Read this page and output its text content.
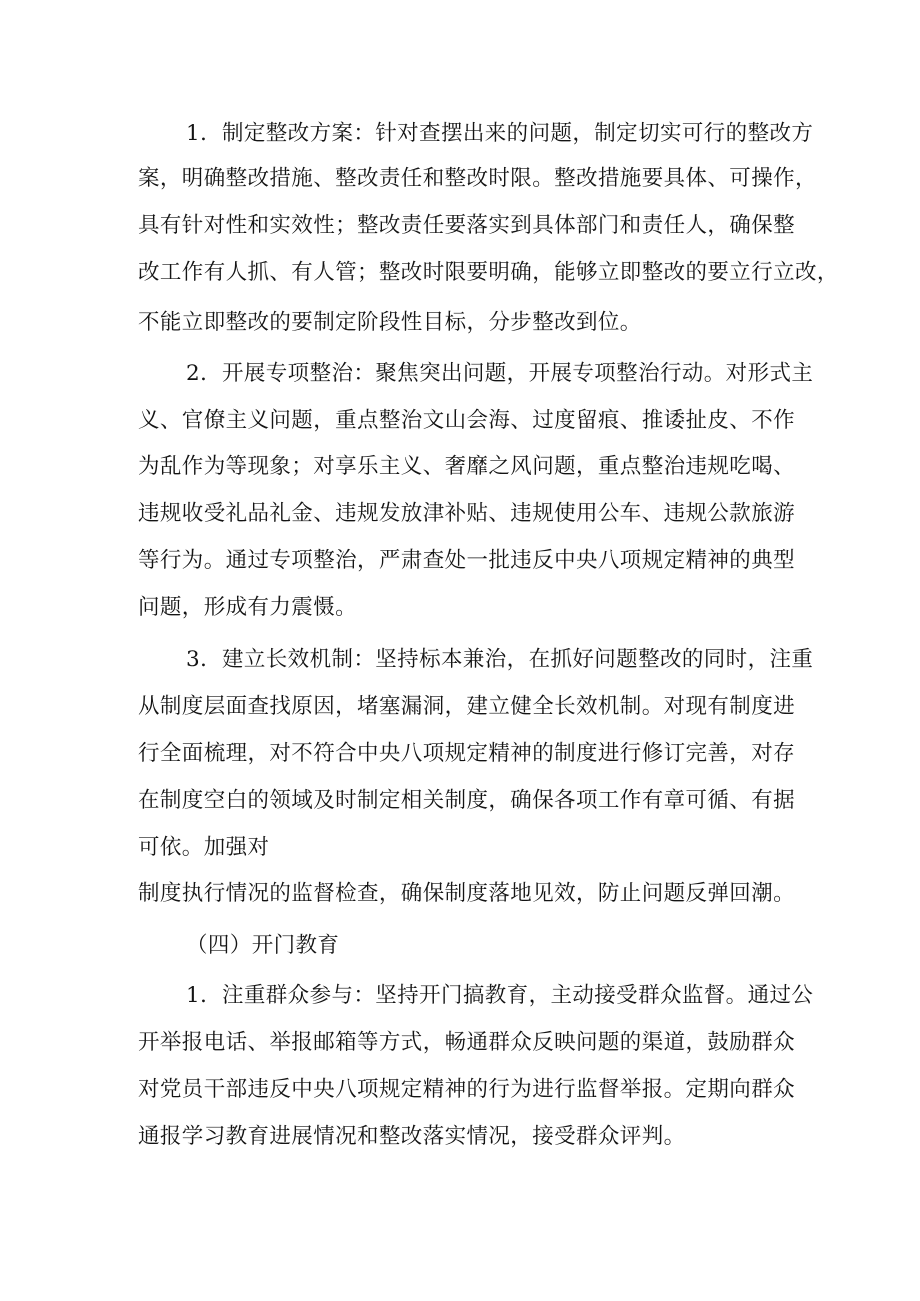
1．制定整改方案：针对查摆出来的问题，制定切实可行的整改方
案，明确整改措施、整改责任和整改时限。整改措施要具体、可操作，
具有针对性和实效性；整改责任要落实到具体部门和责任人，确保整
改工作有人抓、有人管；整改时限要明确，能够立即整改的要立行立改，
不能立即整改的要制定阶段性目标，分步整改到位。
2．开展专项整治：聚焦突出问题，开展专项整治行动。对形式主
义、官僚主义问题，重点整治文山会海、过度留痕、推诿扯皮、不作
为乱作为等现象；对享乐主义、奢靡之风问题，重点整治违规吃喝、
违规收受礼品礼金、违规发放津补贴、违规使用公车、违规公款旅游
等行为。通过专项整治，严肃查处一批违反中央八项规定精神的典型
问题，形成有力震慑。
3．建立长效机制：坚持标本兼治，在抓好问题整改的同时，注重
从制度层面查找原因，堵塞漏洞，建立健全长效机制。对现有制度进
行全面梳理，对不符合中央八项规定精神的制度进行修订完善，对存
在制度空白的领域及时制定相关制度，确保各项工作有章可循、有据
可依。加强对
制度执行情况的监督检查，确保制度落地见效，防止问题反弹回潮。
（四）开门教育
1．注重群众参与：坚持开门搞教育，主动接受群众监督。通过公
开举报电话、举报邮箱等方式，畅通群众反映问题的渠道，鼓励群众
对党员干部违反中央八项规定精神的行为进行监督举报。定期向群众
通报学习教育进展情况和整改落实情况，接受群众评判。
